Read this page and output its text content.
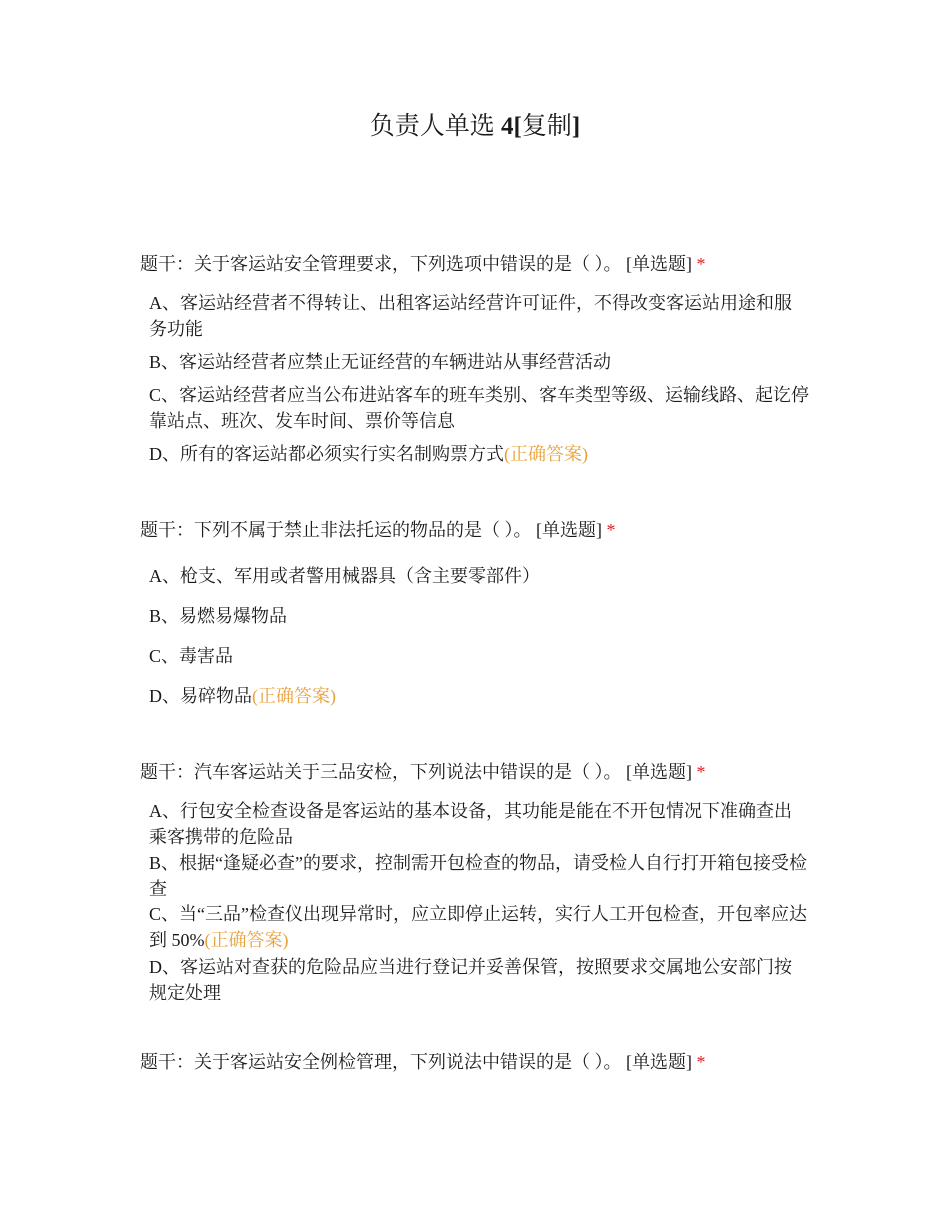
负责人单选 4[复制]
题干：关于客运站安全管理要求，下列选项中错误的是（ ）。 [单选题] *
A、客运站经营者不得转让、出租客运站经营许可证件，不得改变客运站用途和服务功能
B、客运站经营者应禁止无证经营的车辆进站从事经营活动
C、客运站经营者应当公布进站客车的班车类别、客车类型等级、运输线路、起讫停靠站点、班次、发车时间、票价等信息
D、所有的客运站都必须实行实名制购票方式(正确答案)
题干：下列不属于禁止非法托运的物品的是（ ）。 [单选题] *
A、枪支、军用或者警用械器具（含主要零部件）
B、易燃易爆物品
C、毒害品
D、易碎物品(正确答案)
题干：汽车客运站关于三品安检，下列说法中错误的是（ ）。 [单选题] *
A、行包安全检查设备是客运站的基本设备，其功能是能在不开包情况下准确查出乘客携带的危险品
B、根据“逢疑必查”的要求，控制需开包检查的物品，请受检人自行打开箱包接受检查
C、当“三品”检查仪出现异常时，应立即停止运转，实行人工开包检查，开包率应达到 50%(正确答案)
D、客运站对查获的危险品应当进行登记并妥善保管，按照要求交属地公安部门按规定处理
题干：关于客运站安全例检管理，下列说法中错误的是（ ）。 [单选题] *
